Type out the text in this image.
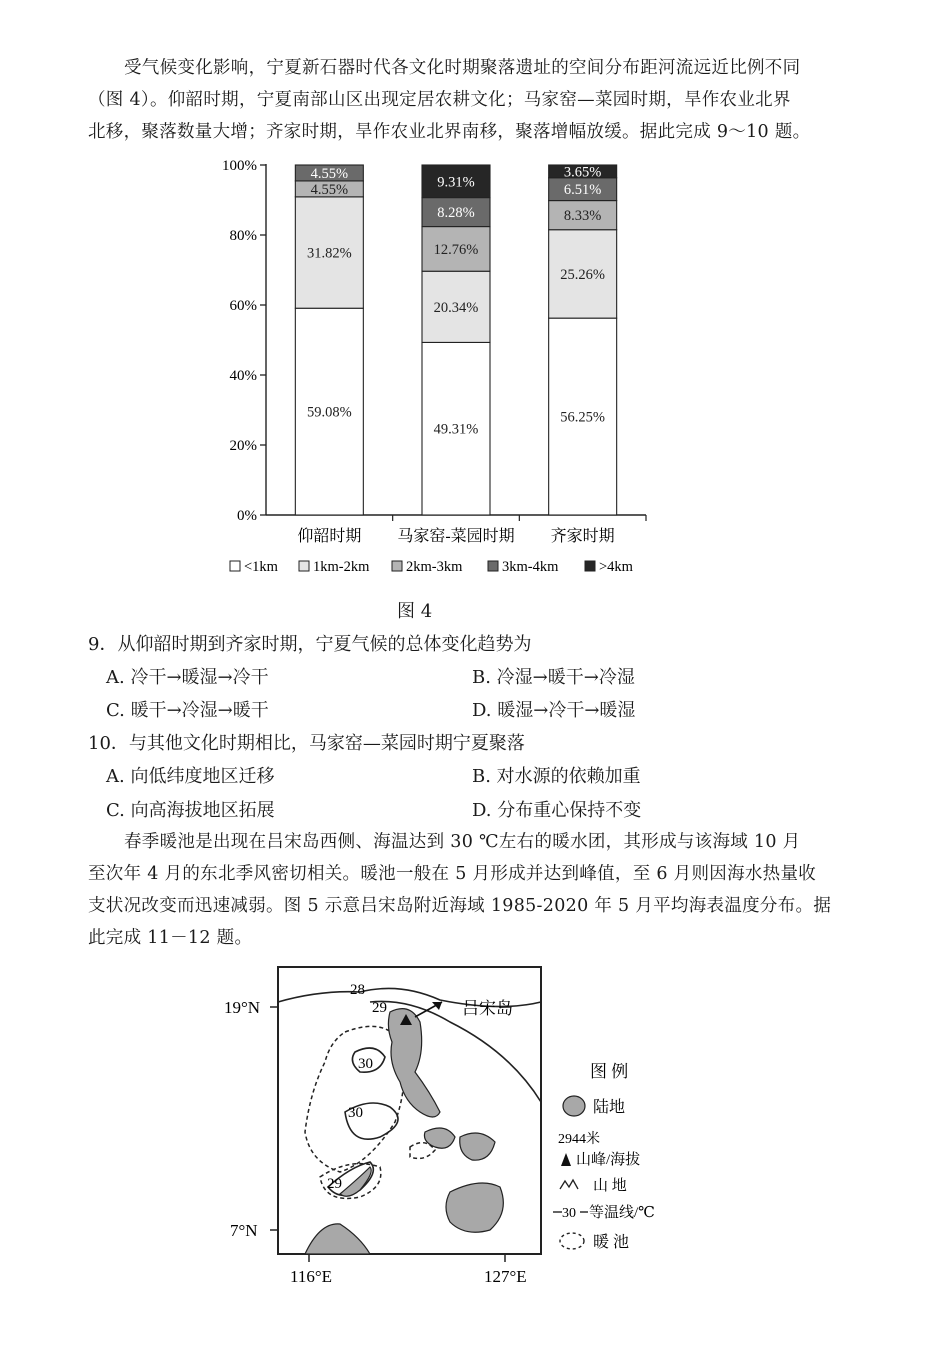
受气候变化影响，宁夏新石器时代各文化时期聚落遗址的空间分布距河流远近比例不同
（图 4）。仰韶时期，宁夏南部山区出现定居农耕文化；马家窑—菜园时期，旱作农业北界
北移，聚落数量大增；齐家时期，旱作农业北界南移，聚落增幅放缓。据此完成 9～10 题。
0%
20%
40%
60%
80%
100%
59.08%
31.82%
4.55%
4.55%
仰韶时期
49.31%
20.34%
12.76%
8.28%
9.31%
马家窑-菜园时期
56.25%
25.26%
8.33%
6.51%
3.65%
齐家时期
<1km 1km-2km	2km-3km	3km-4km	>4km
图 4
9．从仰韶时期到齐家时期，宁夏气候的总体变化趋势为
A. 冷干→暖湿→冷干	B. 冷湿→暖干→冷湿
C. 暖干→冷湿→暖干	D. 暖湿→冷干→暖湿
10．与其他文化时期相比，马家窑—菜园时期宁夏聚落
A. 向低纬度地区迁移	B. 对水源的依赖加重
C. 向高海拔地区拓展	D. 分布重心保持不变
春季暖池是出现在吕宋岛西侧、海温达到 30 ℃左右的暖水团，其形成与该海域 10 月
至次年 4 月的东北季风密切相关。暖池一般在 5 月形成并达到峰值，至 6 月则因海水热量收
支状况改变而迅速减弱。图 5 示意吕宋岛附近海域 1985-2020 年 5 月平均海表温度分布。据
此完成 11－12 题。
19°N
7°N
116°E	127°E
28
29
30
30
29
吕宋岛
图 例
陆地
2944米
山峰/海拔
山 地
30 等温线/℃
暖 池
